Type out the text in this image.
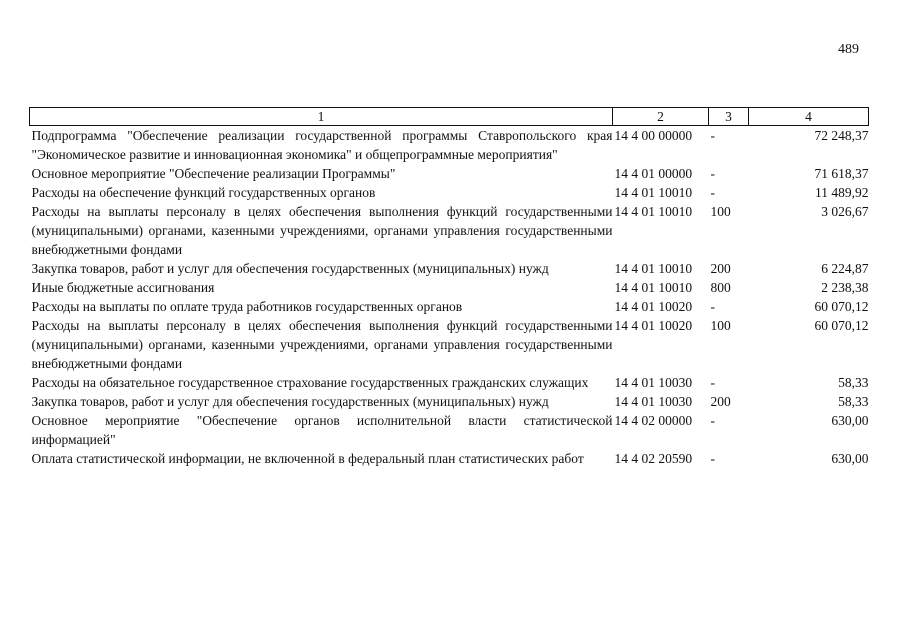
489
1	2	3	4
Подпрограмма "Обеспечение реализации государственной программы Ставропольского края "Экономическое развитие и инновационная экономика" и общепрограммные мероприятия"	14 4 00 00000	-	72 248,37
Основное мероприятие "Обеспечение реализации Программы"	14 4 01 00000	-	71 618,37
Расходы на обеспечение функций государственных органов	14 4 01 10010	-	11 489,92
Расходы на выплаты персоналу в целях обеспечения выполнения функций государственными (муниципальными) органами, казенными учреждениями, органами управления государственными внебюджетными фондами	14 4 01 10010	100	3 026,67
Закупка товаров, работ и услуг для обеспечения государственных (муниципальных) нужд	14 4 01 10010	200	6 224,87
Иные бюджетные ассигнования	14 4 01 10010	800	2 238,38
Расходы на выплаты по оплате труда работников государственных органов	14 4 01 10020	-	60 070,12
Расходы на выплаты персоналу в целях обеспечения выполнения функций государственными (муниципальными) органами, казенными учреждениями, органами управления государственными внебюджетными фондами	14 4 01 10020	100	60 070,12
Расходы на обязательное государственное страхование государственных гражданских служащих	14 4 01 10030	-	58,33
Закупка товаров, работ и услуг для обеспечения государственных (муниципальных) нужд	14 4 01 10030	200	58,33
Основное мероприятие "Обеспечение органов исполнительной власти статистической информацией"	14 4 02 00000	-	630,00
Оплата статистической информации, не включенной в федеральный план статистических работ	14 4 02 20590	-	630,00
